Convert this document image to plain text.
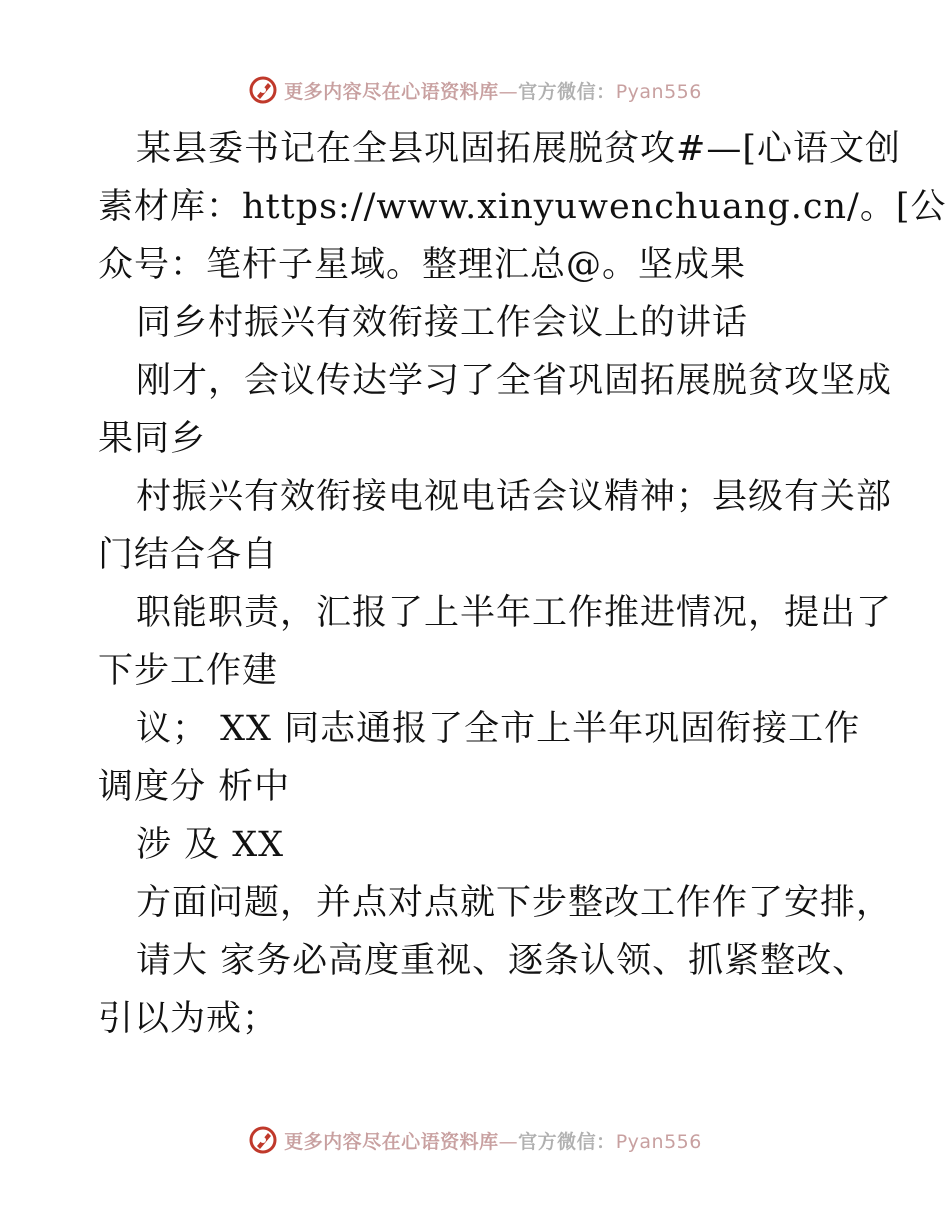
更多内容尽在心语资料库—官方微信：Pyan556
某县委书记在全县巩固拓展脱贫攻#—[心语文创
素材库：https://www.xinyuwenchuang.cn/。[公
众号：笔杆子星域。整理汇总@。坚成果
同乡村振兴有效衔接工作会议上的讲话
刚才，会议传达学习了全省巩固拓展脱贫攻坚成
果同乡
村振兴有效衔接电视电话会议精神；县级有关部
门结合各自
职能职责，汇报了上半年工作推进情况，提出了
下步工作建
议； XX 同志通报了全市上半年巩固衔接工作
调度分 析中
涉 及 XX
方面问题，并点对点就下步整改工作作了安排，
请大 家务必高度重视、逐条认领、抓紧整改、
引以为戒；
更多内容尽在心语资料库—官方微信：Pyan556
